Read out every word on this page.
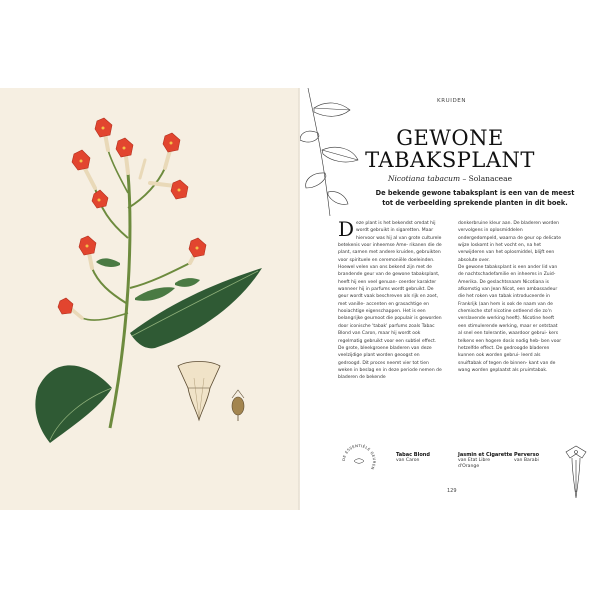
KRUIDEN
GEWONE
TABAKSPLANT
Nicotiana tabacum – Solanaceae
De bekende gewone tabaksplant is een van de meest tot de verbeelding sprekende planten in dit boek.
D eze plant is het bekendst omdat hij wordt gebruikt in sigaretten. Maar hiervoor was hij al van grote culturele betekenis voor inheemse Ame- rikanen die de plant, samen met andere kruiden, gebruikten voor spirituele en ceremoniële doeleinden.

Hoewel velen van ons bekend zijn met de brandende geur van de gewone tabaksplant, heeft hij een veel genuan- ceerder karakter wanneer hij in parfums wordt gebruikt. De geur wordt vaak beschreven als rijk en zoet, met vanille- accenten en grasachtige en hooiachtige eigenschappen. Het is een belangrijke geurnoot die populair is geworden door iconische 'tabak' parfums zoals Tabac Blond van Caron, maar hij wordt ook regelmatig gebruikt voor een subtiel effect.

De grote, bleekgroene bladeren van deze veelzijdige plant worden geoogst en gedroogd. Dit proces neemt vier tot tien weken in beslag en in deze periode nemen de bladeren de bekende

donkerbruine kleur aan. De bladeren worden vervolgens in oplosmiddelen ondergedompeld, waarna de geur op delicate wijze loskomt in het vocht en, na het verwijderen van het oplosmiddel, blijft een absolute over.

De gewone tabaksplant is een ander lid van de nachtschadefamilie en inheems in Zuid-Amerika. De geslachtsnaam Nicotiana is afkomstig van Jean Nicot, een ambassadeur die het roken van tabak introduceerde in Frankrijk (aan hem is ook de naam van de chemische stof nicotine ontleend die zo'n verslavende werking heeft). Nicotine heeft een stimulerende werking, maar er ontstaat al snel een tolerantie, waardoor gebrui- kers telkens een hogere dosis nodig heb- ben voor hetzelfde effect. De gedroogde bladeren kunnen ook worden gebrui- leerd als snuiftabak of tegen de binnen- kant van de wang worden geplaatst als pruimtabak.

DE ESSENTIËLE GEUREN
Tabac Blond
van Caron
Jasmin et Cigarette
van Etat Libre d'Orange
Perverso
van Barabi
129
